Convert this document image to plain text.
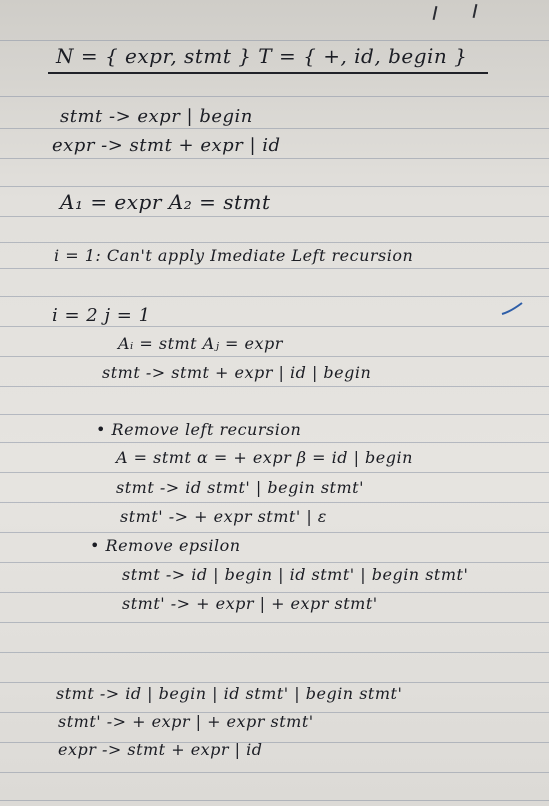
N = { expr, stmt } T = { +, id, begin }
stmt -> expr | begin
expr -> stmt + expr | id
A₁ = expr A₂ = stmt
i = 1: Can't apply Imediate Left recursion
i = 2 j = 1
Aᵢ = stmt Aⱼ = expr
stmt -> stmt + expr | id | begin
• Remove left recursion
A = stmt α = + expr β = id | begin
stmt -> id stmt' | begin stmt'
stmt' -> + expr stmt' | ε
• Remove epsilon
stmt -> id | begin | id stmt' | begin stmt'
stmt' -> + expr | + expr stmt'
stmt -> id | begin | id stmt' | begin stmt'
stmt' -> + expr | + expr stmt'
expr -> stmt + expr | id
